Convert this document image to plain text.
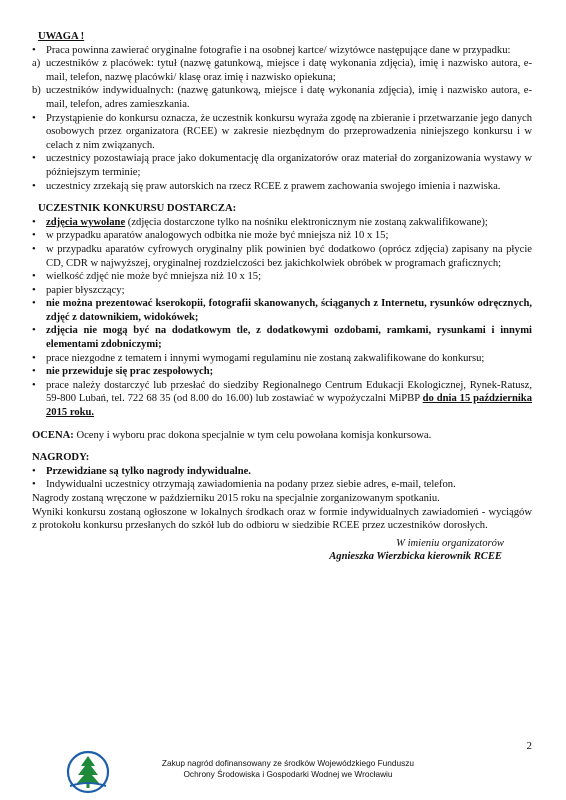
UWAGA !
• Praca powinna zawierać oryginalne fotografie i na osobnej kartce/ wizytówce następujące dane w przypadku:
a) uczestników z placówek: tytuł (nazwę gatunkową, miejsce i datę wykonania zdjęcia), imię i nazwisko autora, e-mail, telefon, nazwę placówki/ klasę oraz imię i nazwisko opiekuna;
b) uczestników indywidualnych: (nazwę gatunkową, miejsce i datę wykonania zdjęcia), imię i nazwisko autora, e-mail, telefon, adres zamieszkania.
• Przystąpienie do konkursu oznacza, że uczestnik konkursu wyraża zgodę na zbieranie i przetwarzanie jego danych osobowych przez organizatora (RCEE) w zakresie niezbędnym do przeprowadzenia niniejszego konkursu i w celach z nim związanych.
• uczestnicy pozostawiają prace jako dokumentację dla organizatorów oraz materiał do zorganizowania wystawy w późniejszym terminie;
• uczestnicy zrzekają się praw autorskich na rzecz RCEE z prawem zachowania swojego imienia i nazwiska.
UCZESTNIK KONKURSU DOSTARCZA:
• zdjęcia wywołane (zdjęcia dostarczone tylko na nośniku elektronicznym nie zostaną zakwalifikowane);
• w przypadku aparatów analogowych odbitka nie może być mniejsza niż 10 x 15;
• w przypadku aparatów cyfrowych oryginalny plik powinien być dodatkowo (oprócz zdjęcia) zapisany na płycie CD, CDR w najwyższej, oryginalnej rozdzielczości bez jakichkolwiek obróbek w programach graficznych;
• wielkość zdjęć nie może być mniejsza niż 10 x 15;
• papier błyszczący;
• nie można prezentować kserokopii, fotografii skanowanych, ściąganych z Internetu, rysunków odręcznych, zdjęć z datownikiem, widokówek;
• zdjęcia nie mogą być na dodatkowym tle, z dodatkowymi ozdobami, ramkami, rysunkami i innymi elementami zdobniczymi;
• prace niezgodne z tematem i innymi wymogami regulaminu nie zostaną zakwalifikowane do konkursu;
• nie przewiduje się prac zespołowych;
• prace należy dostarczyć lub przesłać do siedziby Regionalnego Centrum Edukacji Ekologicznej, Rynek-Ratusz, 59-800 Lubań, tel. 722 68 35 (od 8.00 do 16.00) lub zostawiać w wypożyczalni MiPBP do dnia 15 października 2015 roku.
OCENA: Oceny i wyboru prac dokona specjalnie w tym celu powołana komisja konkursowa.
NAGRODY:
• Przewidziane są tylko nagrody indywidualne.
• Indywidualni uczestnicy otrzymają zawiadomienia na podany przez siebie adres, e-mail, telefon.
Nagrody zostaną wręczone w październiku 2015 roku na specjalnie zorganizowanym spotkaniu.
Wyniki konkursu zostaną ogłoszone w lokalnych środkach oraz w formie indywidualnych zawiadomień - wyciągów z protokołu konkursu przesłanych do szkół lub do odbioru w siedzibie RCEE przez uczestników dorosłych.
W imieniu organizatorów
Agnieszka Wierzbicka kierownik RCEE
2
Zakup nagród dofinansowany ze środków Wojewódzkiego Funduszu
Ochrony Środowiska i Gospodarki Wodnej we Wrocławiu
